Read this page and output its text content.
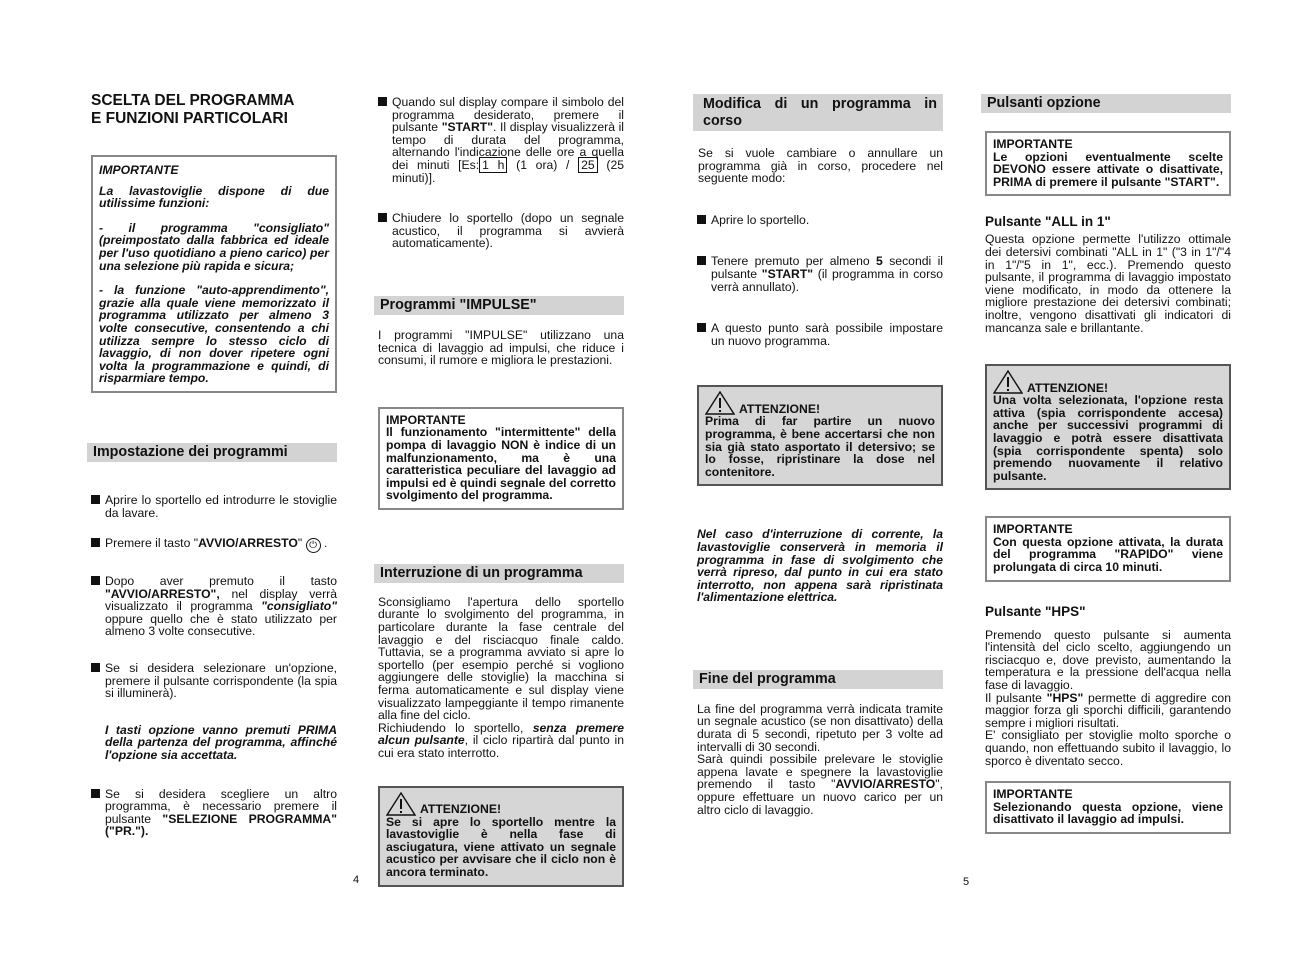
SCELTA DEL PROGRAMMA

E FUNZIONI PARTICOLARI

IMPORTANTE

La lavastoviglie dispone di due utilissime funzioni:

- il programma "consigliato" (preimpostato dalla fabbrica ed ideale per l'uso quotidiano a pieno carico) per una selezione più rapida e sicura;

- la funzione "auto-apprendimento", grazie alla quale viene memorizzato il programma utilizzato per almeno 3 volte consecutive, consentendo a chi utilizza sempre lo stesso ciclo di lavaggio, di non dover ripetere ogni volta la programmazione e quindi, di risparmiare tempo.

Impostazione dei programmi
Aprire lo sportello ed introdurre le stoviglie da lavare.
Premere il tasto "AVVIO/ARRESTO" ⏻ .
Dopo aver premuto il tasto "AVVIO/ARRESTO", nel display verrà visualizzato il programma "consigliato" oppure quello che è stato utilizzato per almeno 3 volte consecutive.
Se si desidera selezionare un'opzione, premere il pulsante corrispondente (la spia si illuminerà).

I tasti opzione vanno premuti PRIMA della partenza del programma, affinché l'opzione sia accettata.

Se si desidera scegliere un altro programma, è necessario premere il pulsante "SELEZIONE PROGRAMMA" ("PR.").
4
Quando sul display compare il simbolo del programma desiderato, premere il pulsante "START". Il display visualizzerà il tempo di durata del programma, alternando l'indicazione delle ore a quella dei minuti [Es: 1 h (1 ora) / 25 (25 minuti)].
Chiudere lo sportello (dopo un segnale acustico, il programma si avvierà automaticamente).
Programmi "IMPULSE"

I programmi "IMPULSE" utilizzano una tecnica di lavaggio ad impulsi, che riduce i consumi, il rumore e migliora le prestazioni.

IMPORTANTE

Il funzionamento "intermittente" della pompa di lavaggio NON è indice di un malfunzionamento, ma è una caratteristica peculiare del lavaggio ad impulsi ed è quindi segnale del corretto svolgimento del programma.

Interruzione di un programma

Sconsigliamo l'apertura dello sportello durante lo svolgimento del programma, in particolare durante la fase centrale del lavaggio e del risciacquo finale caldo. Tuttavia, se a programma avviato si apre lo sportello (per esempio perché si vogliono aggiungere delle stoviglie) la macchina si ferma automaticamente e sul display viene visualizzato lampeggiante il tempo rimanente alla fine del ciclo.

Richiudendo lo sportello, senza premere alcun pulsante, il ciclo ripartirà dal punto in cui era stato interrotto.

ATTENZIONE!

Se si apre lo sportello mentre la lavastoviglie è nella fase di asciugatura, viene attivato un segnale acustico per avvisare che il ciclo non è ancora terminato.

Modifica di un programma in corso

Se si vuole cambiare o annullare un programma già in corso, procedere nel seguente modo:

Aprire lo sportello.
Tenere premuto per almeno 5 secondi il pulsante "START" (il programma in corso verrà annullato).
A questo punto sarà possibile impostare un nuovo programma.
ATTENZIONE!

Prima di far partire un nuovo programma, è bene accertarsi che non sia già stato asportato il detersivo; se lo fosse, ripristinare la dose nel contenitore.

Nel caso d'interruzione di corrente, la lavastoviglie conserverà in memoria il programma in fase di svolgimento che verrà ripreso, dal punto in cui era stato interrotto, non appena sarà ripristinata l'alimentazione elettrica.

Fine del programma

La fine del programma verrà indicata tramite un segnale acustico (se non disattivato) della durata di 5 secondi, ripetuto per 3 volte ad intervalli di 30 secondi.

Sarà quindi possibile prelevare le stoviglie appena lavate e spegnere la lavastoviglie premendo il tasto "AVVIO/ARRESTO", oppure effettuare un nuovo carico per un altro ciclo di lavaggio.

Pulsanti opzione

IMPORTANTE

Le opzioni eventualmente scelte DEVONO essere attivate o disattivate, PRIMA di premere il pulsante "START".

Pulsante "ALL in 1"

Questa opzione permette l'utilizzo ottimale dei detersivi combinati "ALL in 1" ("3 in 1"/"4 in 1"/"5 in 1", ecc.). Premendo questo pulsante, il programma di lavaggio impostato viene modificato, in modo da ottenere la migliore prestazione dei detersivi combinati; inoltre, vengono disattivati gli indicatori di mancanza sale e brillantante.

ATTENZIONE!

Una volta selezionata, l'opzione resta attiva (spia corrispondente accesa) anche per successivi programmi di lavaggio e potrà essere disattivata (spia corrispondente spenta) solo premendo nuovamente il relativo pulsante.

IMPORTANTE

Con questa opzione attivata, la durata del programma "RAPIDO" viene prolungata di circa 10 minuti.

Pulsante "HPS"

Premendo questo pulsante si aumenta l'intensità del ciclo scelto, aggiungendo un risciacquo e, dove previsto, aumentando la temperatura e la pressione dell'acqua nella fase di lavaggio.

Il pulsante "HPS" permette di aggredire con maggior forza gli sporchi difficili, garantendo sempre i migliori risultati.

E' consigliato per stoviglie molto sporche o quando, non effettuando subito il lavaggio, lo sporco è diventato secco.

IMPORTANTE

Selezionando questa opzione, viene disattivato il lavaggio ad impulsi.

5
